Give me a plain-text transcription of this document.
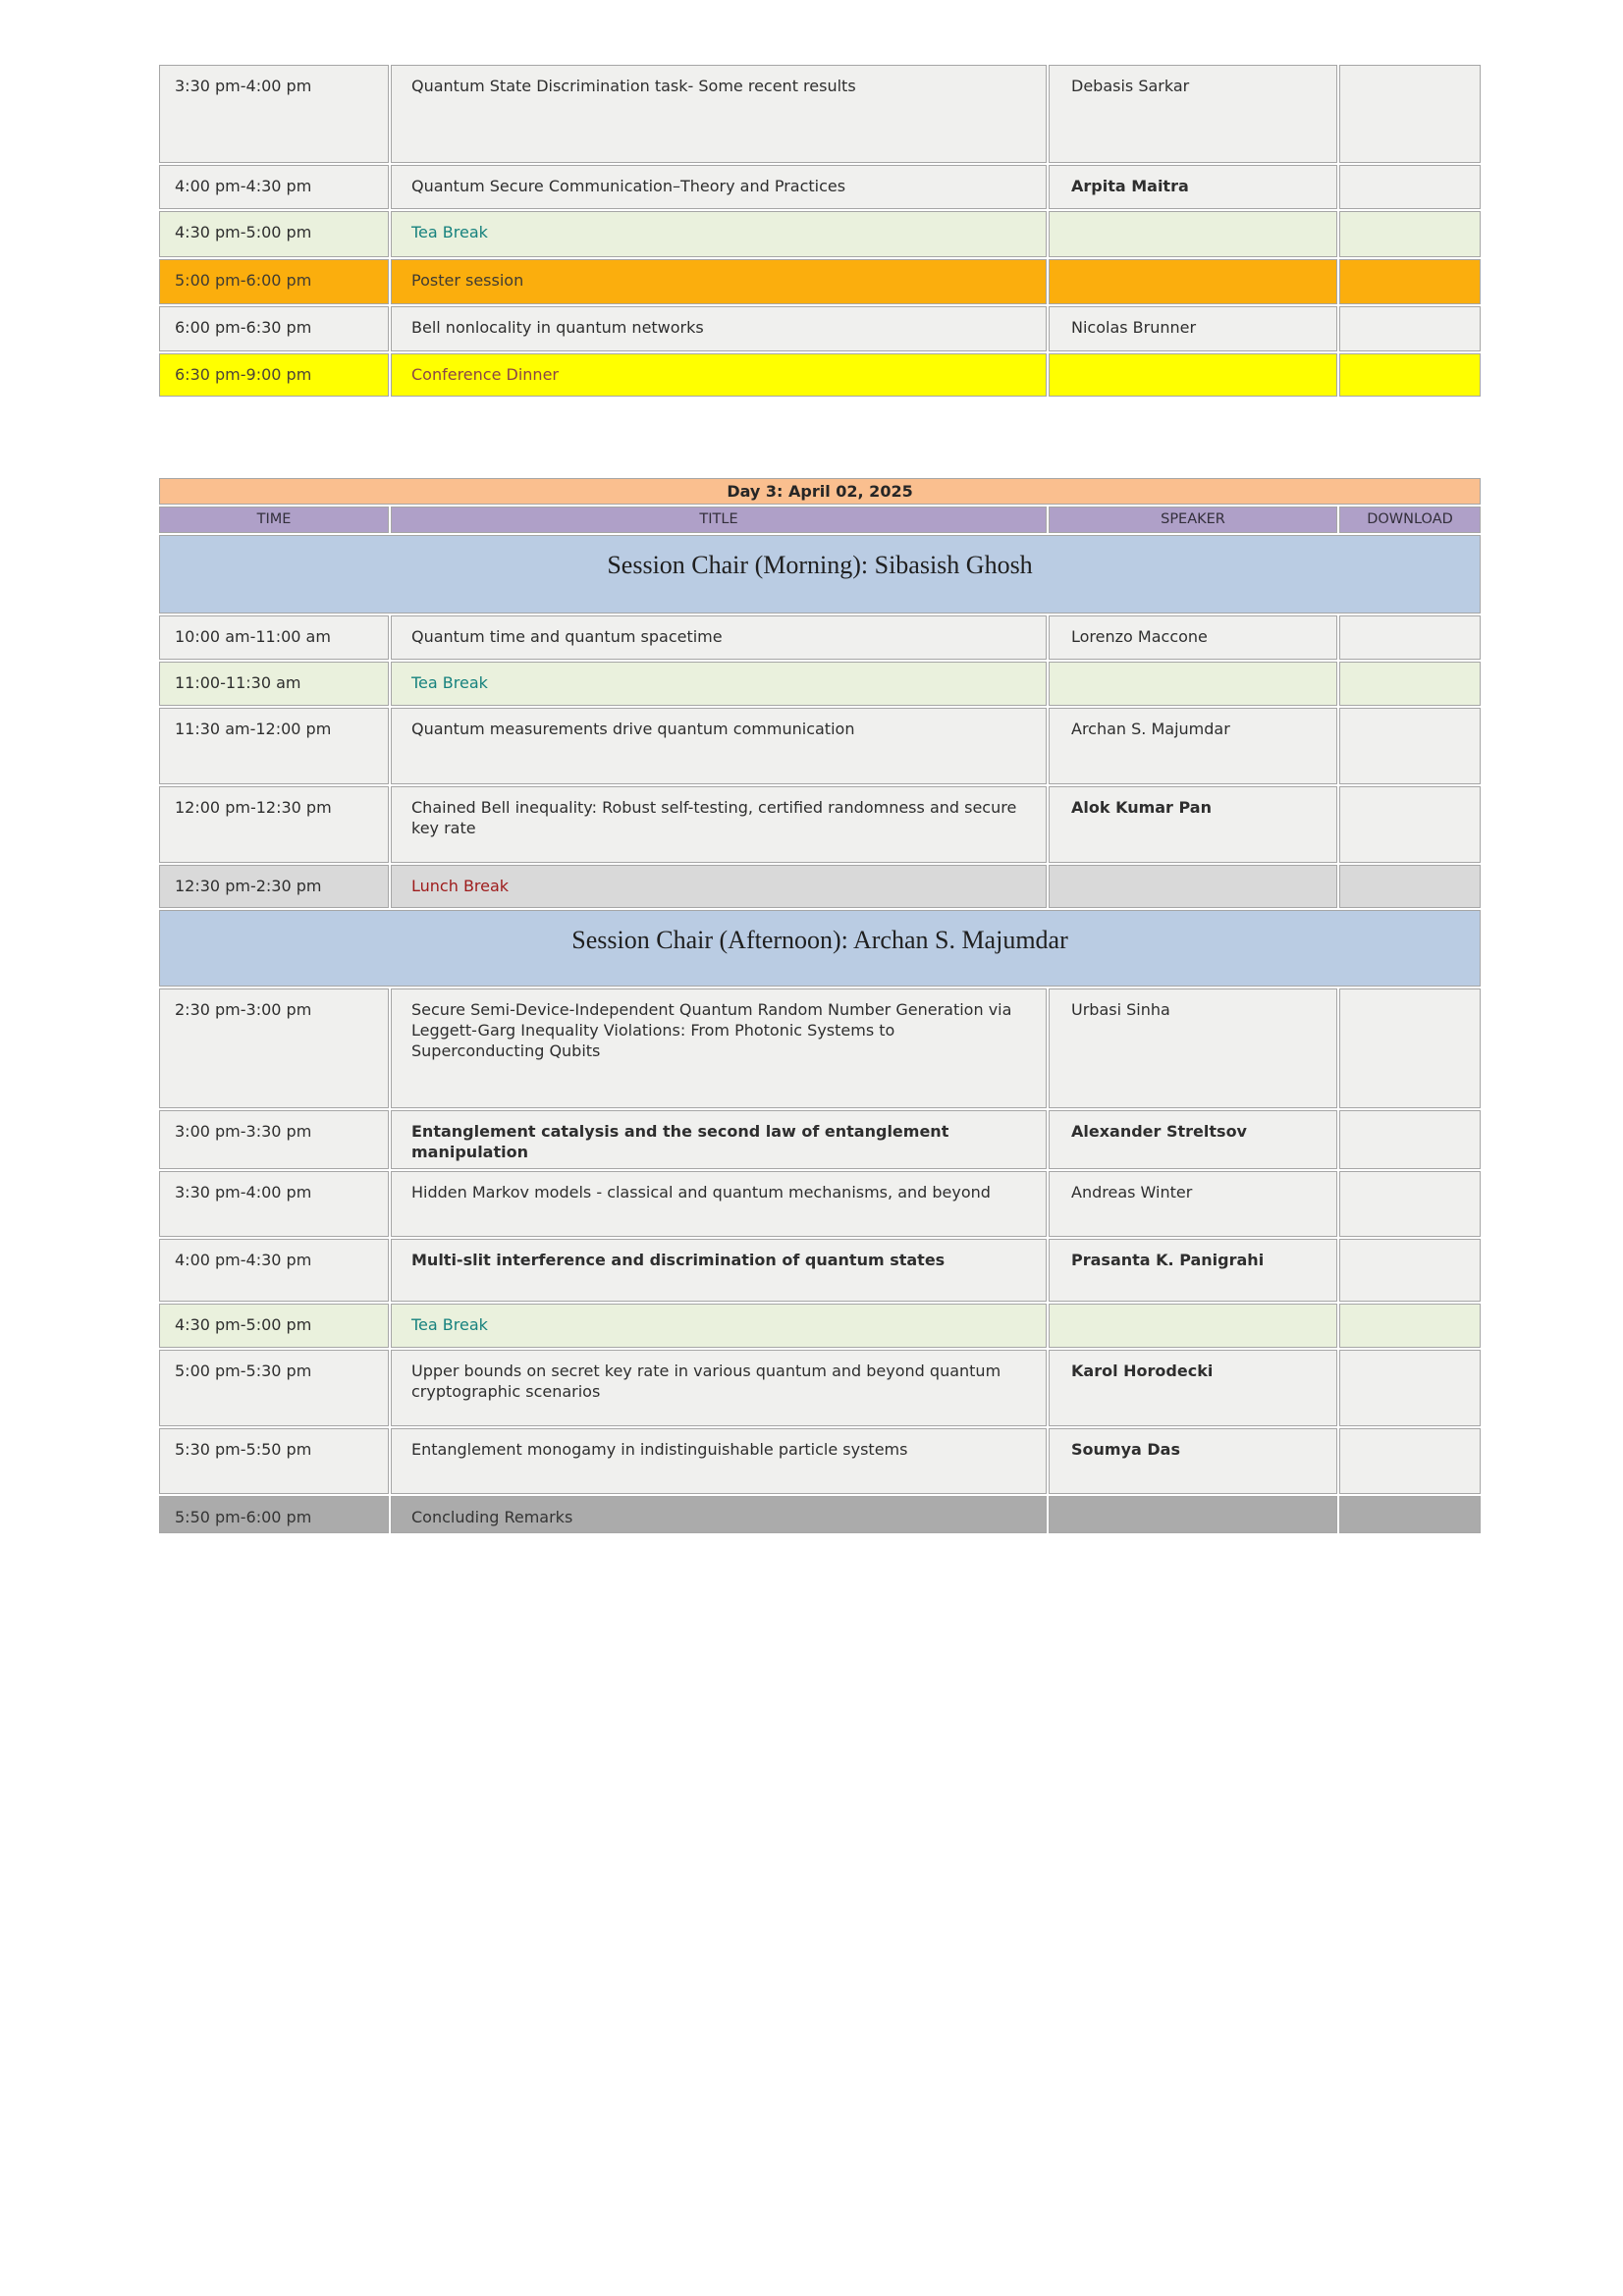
3:30 pm-4:00 pm	Quantum State Discrimination task- Some recent results	Debasis Sarkar	
4:00 pm-4:30 pm	Quantum Secure Communication–Theory and Practices	Arpita Maitra	
4:30 pm-5:00 pm	Tea Break		
5:00 pm-6:00 pm	Poster session		
6:00 pm-6:30 pm	Bell nonlocality in quantum networks	Nicolas Brunner	
6:30 pm-9:00 pm	Conference Dinner		
Day 3: April 02, 2025			
TIME	TITLE	SPEAKER	DOWNLOAD
Session Chair (Morning): Sibasish Ghosh			
10:00 am-11:00 am	Quantum time and quantum spacetime	Lorenzo Maccone	
11:00-11:30 am	Tea Break		
11:30 am-12:00 pm	Quantum measurements drive quantum communication	Archan S. Majumdar	
12:00 pm-12:30 pm	Chained Bell inequality: Robust self-testing, certified randomness and secure key rate	Alok Kumar Pan	
12:30 pm-2:30 pm	Lunch Break		
Session Chair (Afternoon): Archan S. Majumdar			
2:30 pm-3:00 pm	Secure Semi-Device-Independent Quantum Random Number Generation via Leggett-Garg Inequality Violations: From Photonic Systems to Superconducting Qubits	Urbasi Sinha	
3:00 pm-3:30 pm	Entanglement catalysis and the second law of entanglement manipulation	Alexander Streltsov	
3:30 pm-4:00 pm	Hidden Markov models - classical and quantum mechanisms, and beyond	Andreas Winter	
4:00 pm-4:30 pm	Multi-slit interference and discrimination of quantum states	Prasanta K. Panigrahi	
4:30 pm-5:00 pm	Tea Break		
5:00 pm-5:30 pm	Upper bounds on secret key rate in various quantum and beyond quantum cryptographic scenarios	Karol Horodecki	
5:30 pm-5:50 pm	Entanglement monogamy in indistinguishable particle systems	Soumya Das	
5:50 pm-6:00 pm	Concluding Remarks		
